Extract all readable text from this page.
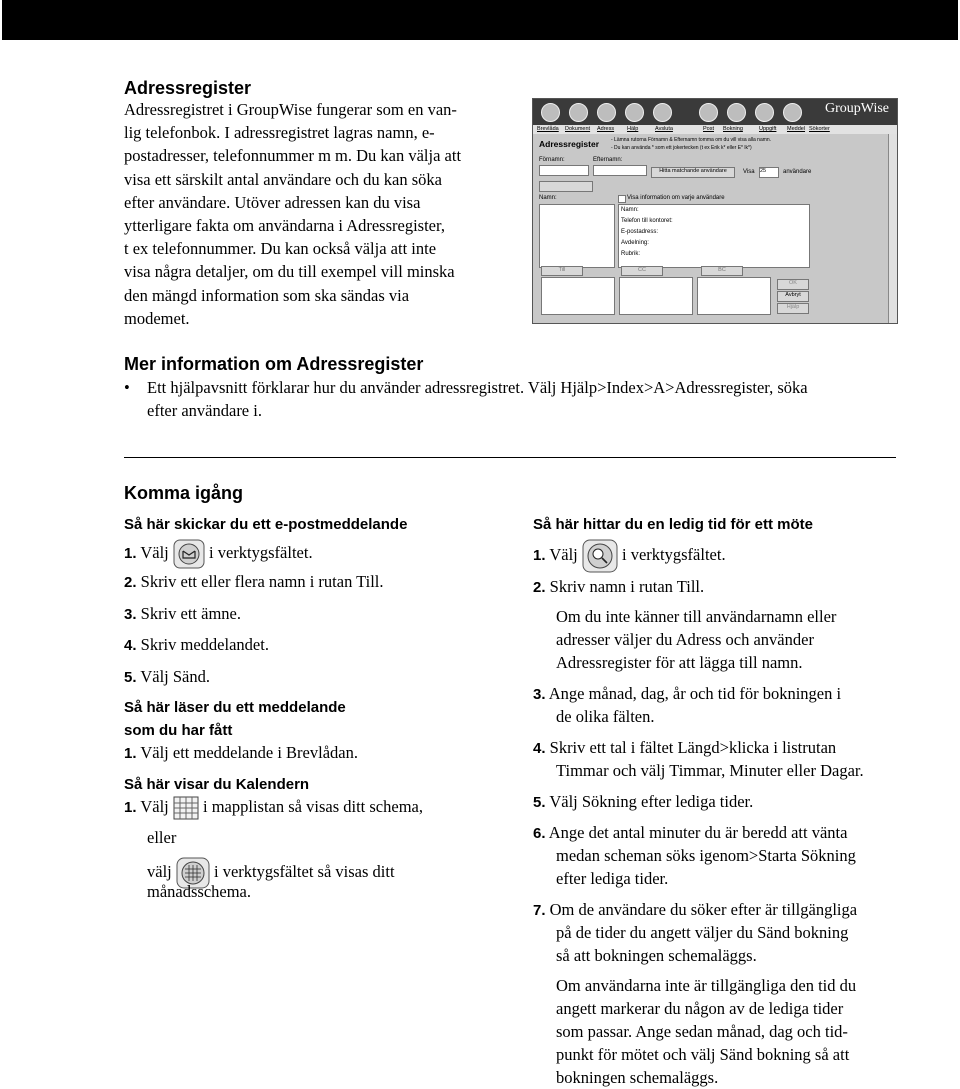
Adressregister
Adressregistret i GroupWise fungerar som en van-
lig telefonbok. I adressregistret lagras namn, e-
postadresser, telefonnummer m m. Du kan välja att
visa ett särskilt antal användare och du kan söka
efter användare. Utöver adressen kan du visa
ytterligare fakta om användarna i Adressregister,
t ex telefonnummer. Du kan också välja att inte
visa några detaljer, om du till exempel vill minska
den mängd information som ska sändas via
modemet.
GroupWise
Brevlåda Dokument Adress Hälp	Avsluta	Post Bokning	Uppgift Meddel Sökorter
Adressregister - Lämna rutorna Förnamn & Efternamn tomma om du vill visa alla namn.
- Du kan använda * som ett jokertecken (t ex Erik k* eller E* lk*)
Förnamn:	Efternamn:
Hitta matchande användare	Visa 25	användare
Namn:	Visa information om varje användare
Namn:
Telefon till kontoret:
E-postadress:
Avdelning:
Rubrik:
Till	CC	BC
OK
Avbryt
Hjälp
Mer information om Adressregister
• Ett hjälpavsnitt förklarar hur du använder adressregistret. Välj Hjälp>Index>A>Adressregister, söka
efter användare i.
Komma igång
Så här skickar du ett e-postmeddelande
1. Välj i verktygsfältet.
2. Skriv ett eller flera namn i rutan Till.
3. Skriv ett ämne.
4. Skriv meddelandet.
5. Välj Sänd.
Så här läser du ett meddelande
som du har fått
1. Välj ett meddelande i Brevlådan.
Så här visar du Kalendern
1. Välj i mapplistan så visas ditt schema,
eller
välj	i verktygsfältet så visas ditt
månadsschema.
Så här hittar du en ledig tid för ett möte
1. Välj	i verktygsfältet.
2. Skriv namn i rutan Till.
Om du inte känner till användarnamn eller
adresser väljer du Adress och använder
Adressregister för att lägga till namn.
3. Ange månad, dag, år och tid för bokningen i
de olika fälten.
4. Skriv ett tal i fältet Längd>klicka i listrutan
Timmar och välj Timmar, Minuter eller Dagar.
5. Välj Sökning efter lediga tider.
6. Ange det antal minuter du är beredd att vänta
medan scheman söks igenom>Starta Sökning
efter lediga tider.
7. Om de användare du söker efter är tillgängliga
på de tider du angett väljer du Sänd bokning
så att bokningen schemaläggs.
Om användarna inte är tillgängliga den tid du
angett markerar du någon av de lediga tider
som passar. Ange sedan månad, dag och tid-
punkt för mötet och välj Sänd bokning så att
bokningen schemaläggs.
